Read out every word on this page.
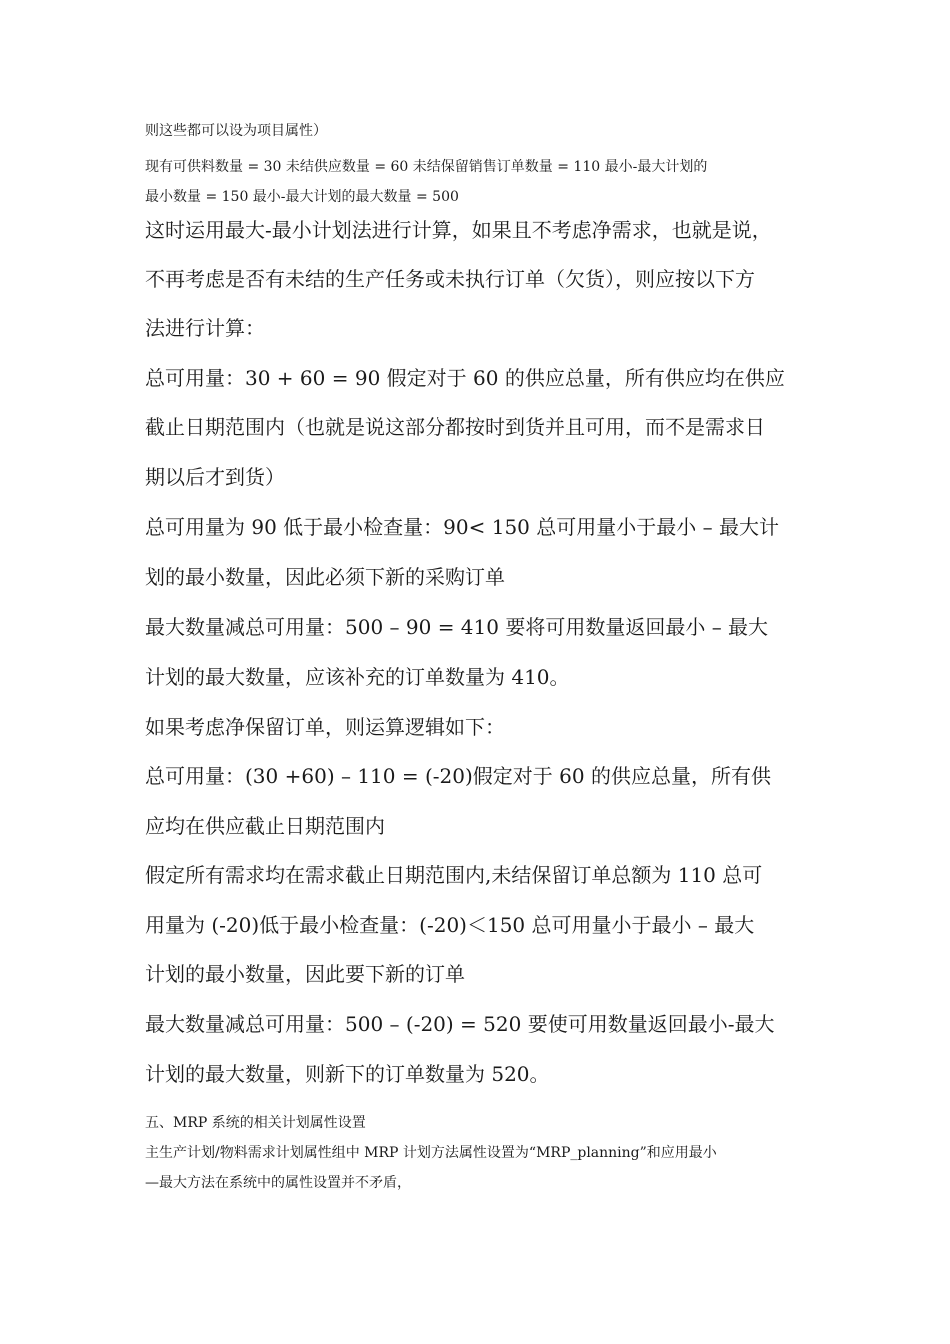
则这些都可以设为项目属性）
现有可供料数量 = 30 未结供应数量 = 60 未结保留销售订单数量 = 110 最小-最大计划的
最小数量 = 150 最小-最大计划的最大数量 = 500
这时运用最大-最小计划法进行计算，如果且不考虑净需求，也就是说，
不再考虑是否有未结的生产任务或未执行订单（欠货），则应按以下方
法进行计算：
总可用量：30 + 60 = 90 假定对于 60 的供应总量，所有供应均在供应
截止日期范围内（也就是说这部分都按时到货并且可用，而不是需求日
期以后才到货）
总可用量为 90 低于最小检查量：90< 150 总可用量小于最小 – 最大计
划的最小数量，因此必须下新的采购订单
最大数量减总可用量：500 – 90 = 410 要将可用数量返回最小 – 最大
计划的最大数量，应该补充的订单数量为 410。
如果考虑净保留订单，则运算逻辑如下：
总可用量：(30 +60) – 110 = (-20)假定对于 60 的供应总量，所有供
应均在供应截止日期范围内
假定所有需求均在需求截止日期范围内,未结保留订单总额为 110 总可
用量为 (-20)低于最小检查量：(-20)＜150 总可用量小于最小 – 最大
计划的最小数量，因此要下新的订单
最大数量减总可用量：500 – (-20) = 520 要使可用数量返回最小-最大
计划的最大数量，则新下的订单数量为 520。
五、MRP 系统的相关计划属性设置
主生产计划/物料需求计划属性组中 MRP 计划方法属性设置为“MRP_planning”和应用最小
—最大方法在系统中的属性设置并不矛盾，
